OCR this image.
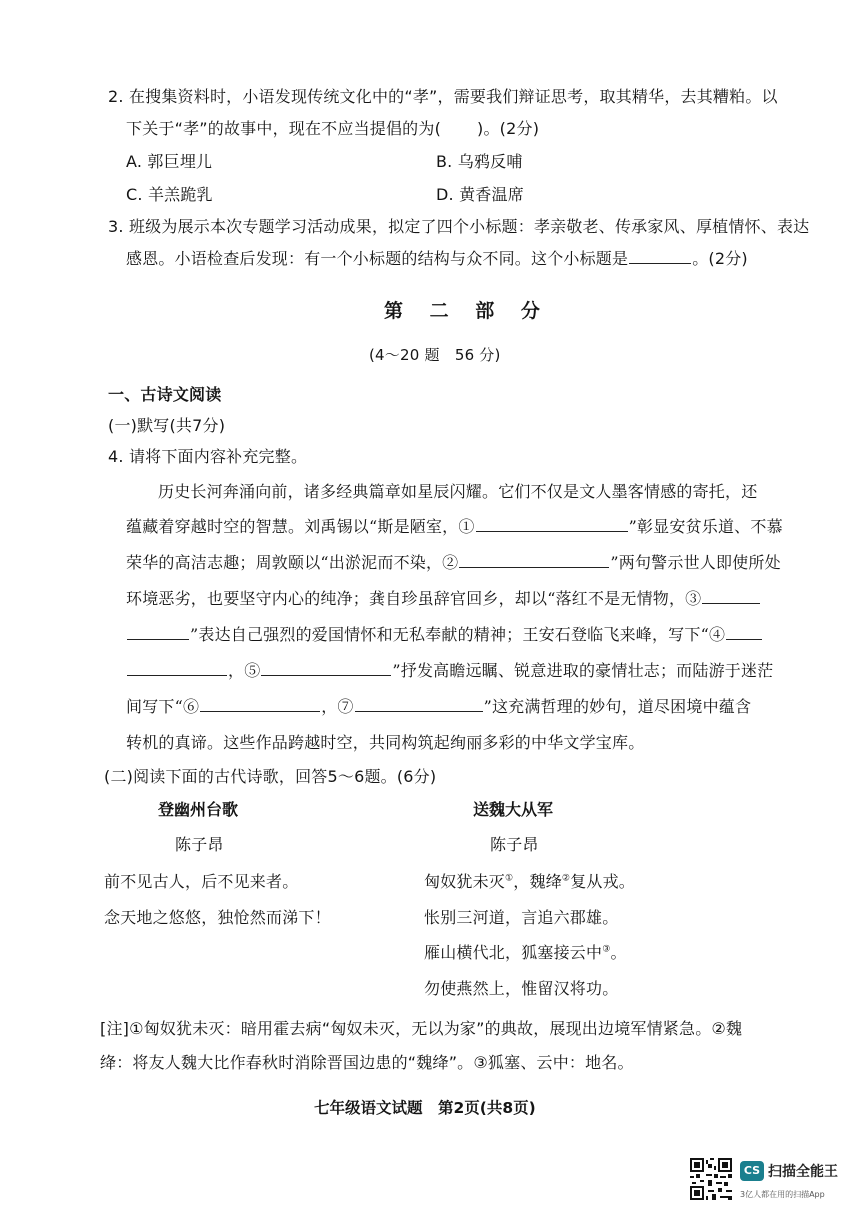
2. 在搜集资料时，小语发现传统文化中的“孝”，需要我们辩证思考，取其精华，去其糟粕。以
下关于“孝”的故事中，现在不应当提倡的为( )。(2分)
A. 郭巨埋儿	B. 乌鸦反哺
C. 羊羔跪乳	D. 黄香温席
3. 班级为展示本次专题学习活动成果，拟定了四个小标题：孝亲敬老、传承家风、厚植情怀、表达
感恩。小语检查后发现：有一个小标题的结构与众不同。这个小标题是	。(2分)
第 二 部 分
(4～20 题　56 分)
一、古诗文阅读
(一)默写(共7分)
4. 请将下面内容补充完整。
历史长河奔涌向前，诸多经典篇章如星辰闪耀。它们不仅是文人墨客情感的寄托，还
蕴藏着穿越时空的智慧。刘禹锡以“斯是陋室，①	”彰显安贫乐道、不慕
荣华的高洁志趣；周敦颐以“出淤泥而不染，②	”两句警示世人即使所处
环境恶劣，也要坚守内心的纯净；龚自珍虽辞官回乡，却以“落红不是无情物，③
”表达自己强烈的爱国情怀和无私奉献的精神；王安石登临飞来峰，写下“④
，⑤	”抒发高瞻远瞩、锐意进取的豪情壮志；而陆游于迷茫
间写下“⑥	，⑦	”这充满哲理的妙句，道尽困境中蕴含
转机的真谛。这些作品跨越时空，共同构筑起绚丽多彩的中华文学宝库。
(二)阅读下面的古代诗歌，回答5～6题。(6分)
登幽州台歌
陈子昂
前不见古人，后不见来者。
念天地之悠悠，独怆然而涕下！
送魏大从军
陈子昂
匈奴犹未灭①，魏绛②复从戎。
怅别三河道，言追六郡雄。
雁山横代北，狐塞接云中③。
勿使燕然上，惟留汉将功。
[注]①匈奴犹未灭：暗用霍去病“匈奴未灭，无以为家”的典故，展现出边境军情紧急。②魏
绛：将友人魏大比作春秋时消除晋国边患的“魏绛”。③狐塞、云中：地名。
七年级语文试题　第2页(共8页)
CS 扫描全能王
3亿人都在用的扫描App
